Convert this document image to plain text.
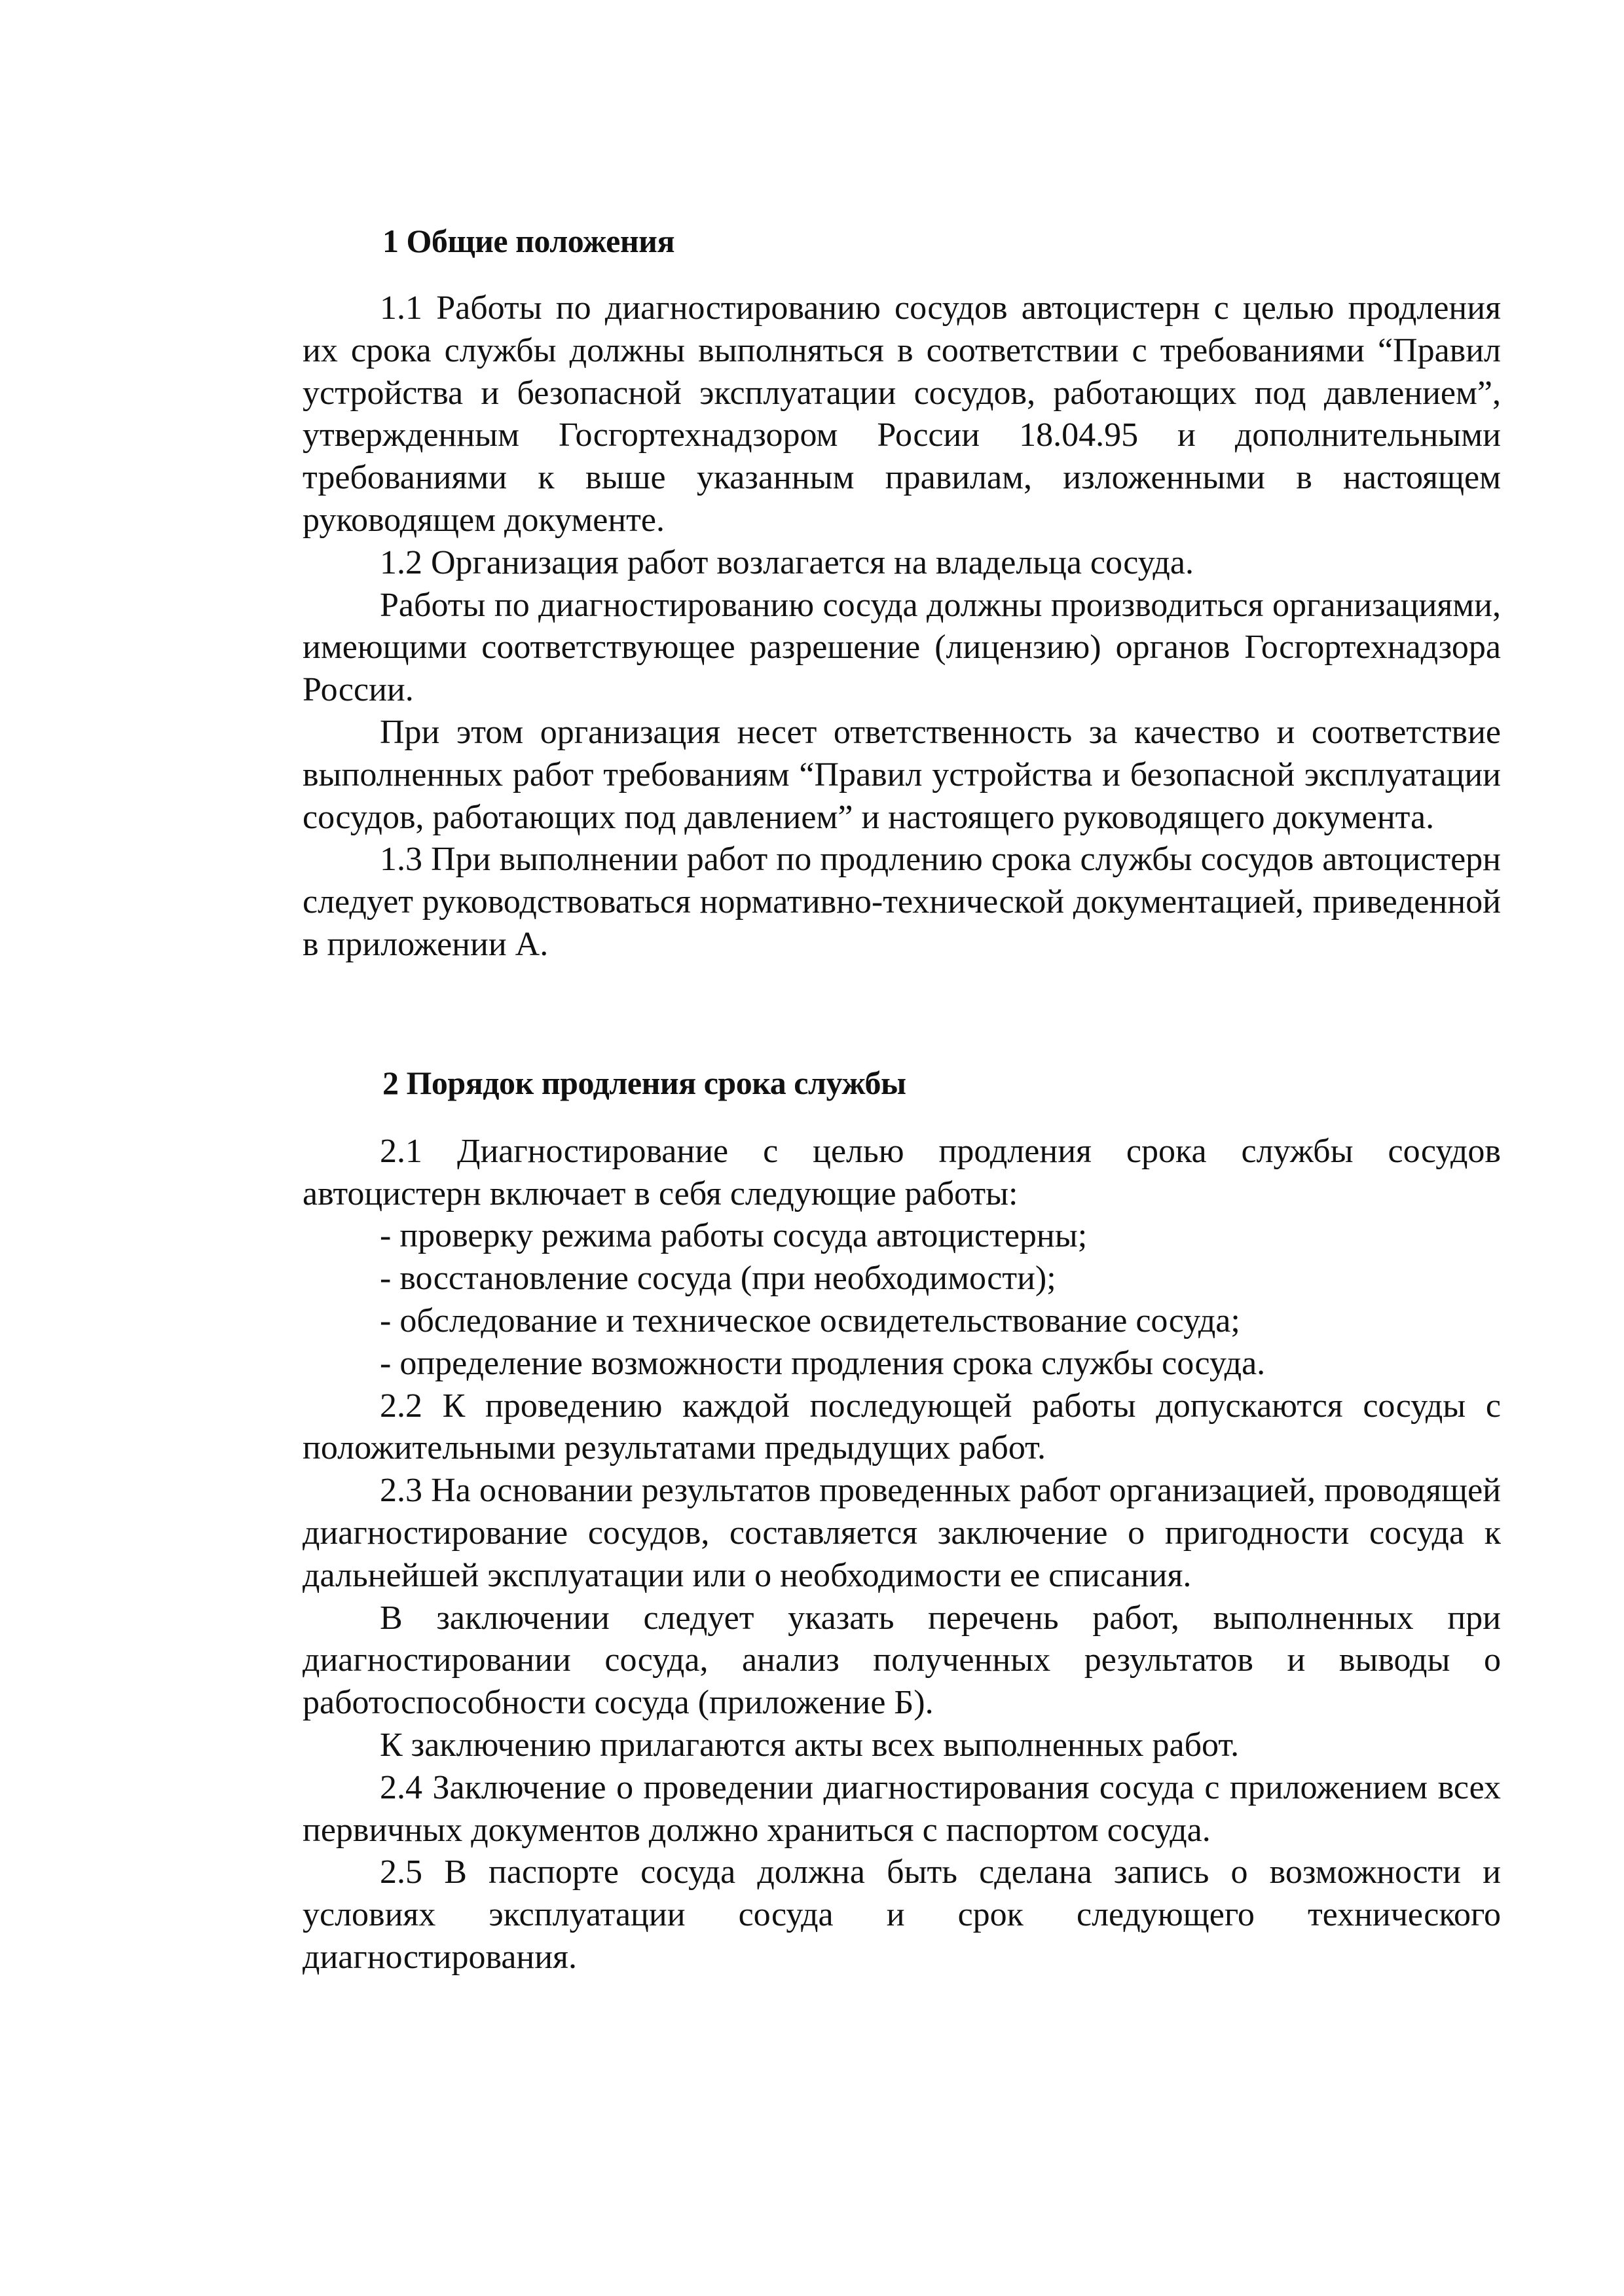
1 Общие положения

1.1 Работы по диагностированию сосудов автоцистерн с целью продления их срока службы должны выполняться в соответствии с требованиями “Правил устройства и безопасной эксплуатации сосудов, работающих под давлением”, утвержденным Госгортехнадзором России 18.04.95 и дополнительными требованиями к выше указанным правилам, изложенными в настоящем руководящем документе.

1.2 Организация работ возлагается на владельца сосуда.

Работы по диагностированию сосуда должны производиться организациями, имеющими соответствующее разрешение (лицензию) органов Госгортехнадзора России.

При этом организация несет ответственность за качество и соответствие выполненных работ требованиям “Правил устройства и безопасной эксплуатации сосудов, работающих под давлением” и настоящего руководящего документа.

1.3 При выполнении работ по продлению срока службы сосудов автоцистерн следует руководствоваться нормативно-технической документацией, приведенной в приложении А.

2 Порядок продления срока службы

2.1 Диагностирование с целью продления срока службы сосудов автоцистерн включает в себя следующие работы:

- проверку режима работы сосуда автоцистерны;

- восстановление сосуда (при необходимости);

- обследование и техническое освидетельствование сосуда;

- определение возможности продления срока службы сосуда.

2.2 К проведению каждой последующей работы допускаются сосуды с положительными результатами предыдущих работ.

2.3 На основании результатов проведенных работ организацией, проводящей диагностирование сосудов, составляется заключение о пригодности сосуда к дальнейшей эксплуатации или о необходимости ее списания.

В заключении следует указать перечень работ, выполненных при диагностировании сосуда, анализ полученных результатов и выводы о работоспособности сосуда (приложение Б).

К заключению прилагаются акты всех выполненных работ.

2.4 Заключение о проведении диагностирования сосуда с приложением всех первичных документов должно храниться с паспортом сосуда.

2.5 В паспорте сосуда должна быть сделана запись о возможности и условиях эксплуатации сосуда и срок следующего технического диагностирования.
